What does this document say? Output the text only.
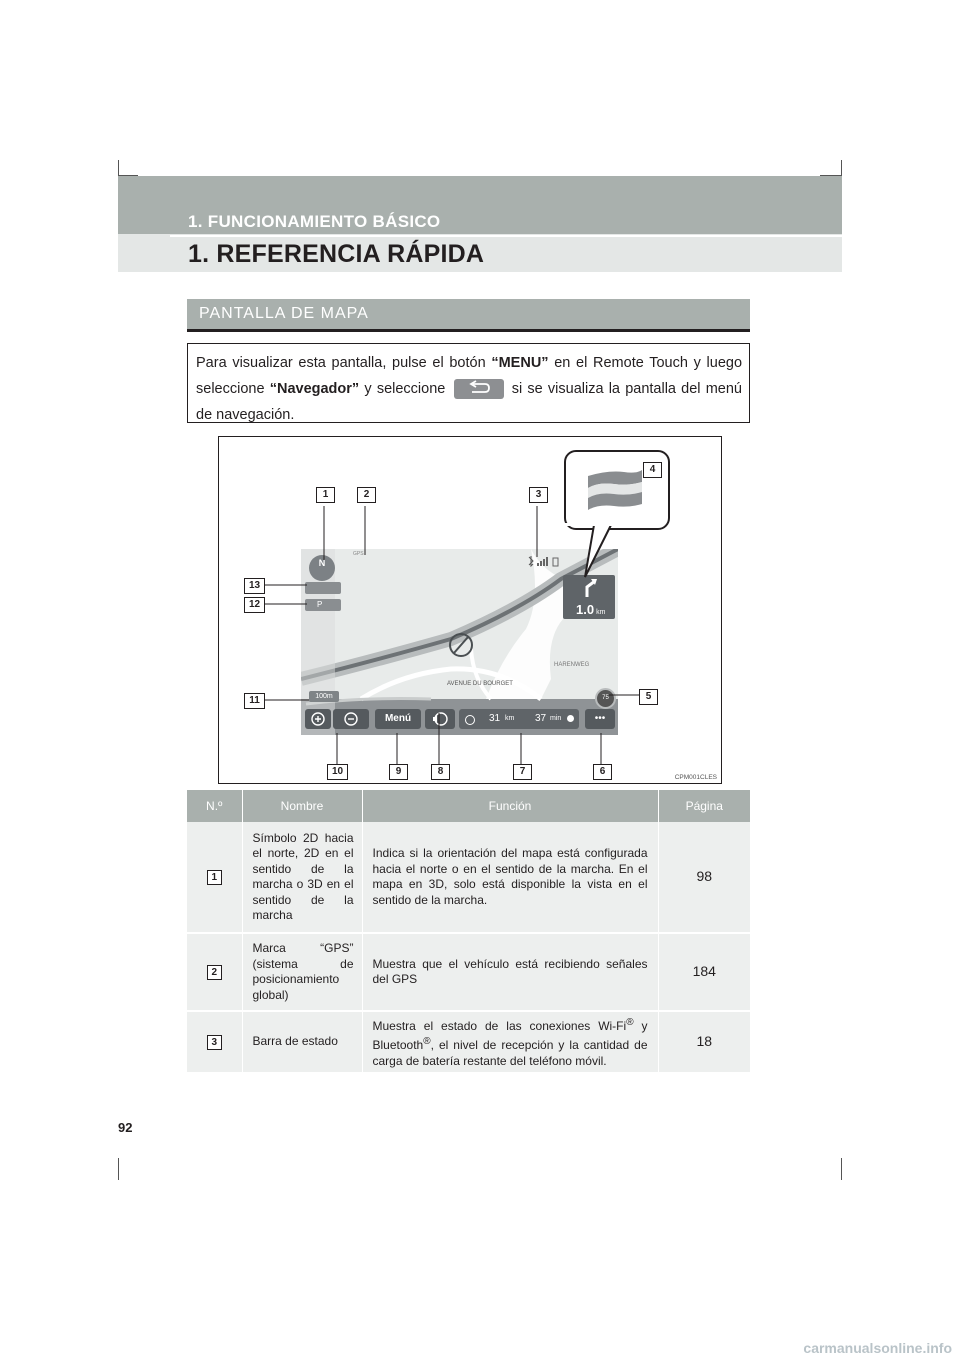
1. FUNCIONAMIENTO BÁSICO
1. REFERENCIA RÁPIDA
PANTALLA DE MAPA
Para visualizar esta pantalla, pulse el botón “MENU” en el Remote Touch y luego seleccione “Navegador” y seleccione	si se visualiza la pantalla del menú de navegación.
GPS
N
P
AVENUE DU BOURGET
HARENWEG
1.0 km
100m	75
Menú	31 km 37 min	•••
1	2	3
4
5
6
7
8
9
10
11
12
13
CPM001CLES
N.º	Nombre	Función	Página
1	Símbolo 2D hacia el norte, 2D en el sentido de la marcha o 3D en el sentido de la marcha	Indica si la orientación del mapa está configurada hacia el norte o en el sentido de la marcha. En el mapa en 3D, solo está disponible la vista en el sentido de la marcha.	98
2	Marca “GPS” (sistema de posicionamiento global)	Muestra que el vehículo está recibiendo señales del GPS	184
3	Barra de estado	Muestra el estado de las conexiones Wi-Fi® y Bluetooth®, el nivel de recepción y la cantidad de carga de batería restante del teléfono móvil.	18
92
carmanualsonline.info
